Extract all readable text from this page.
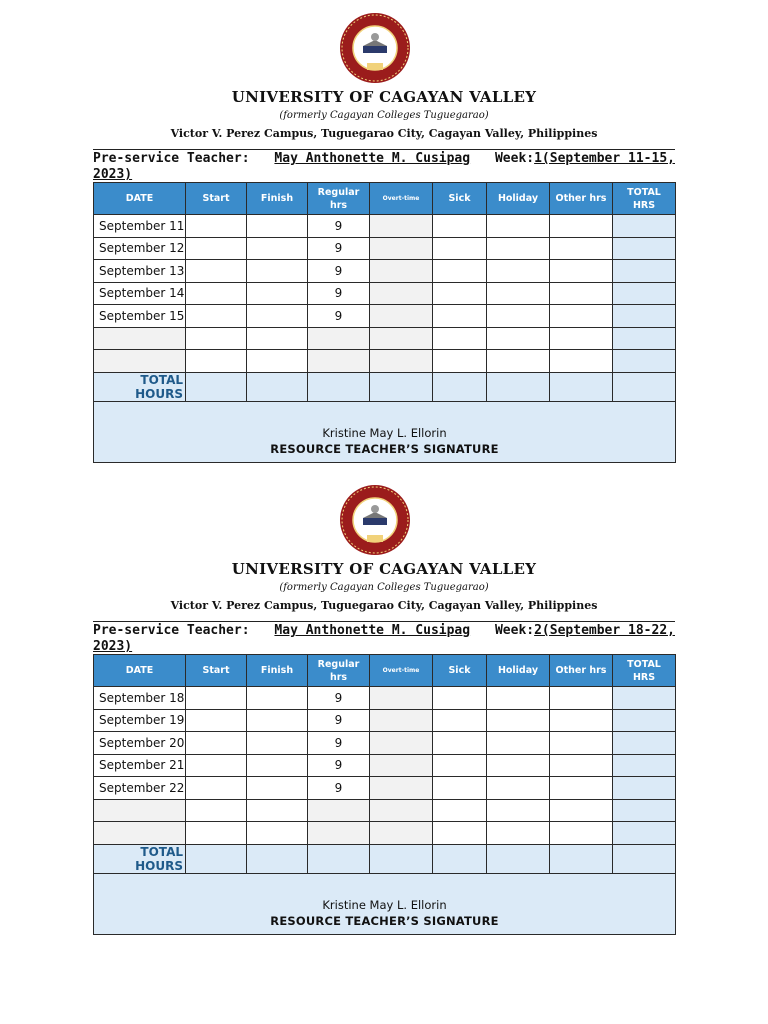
UNIVERSITY OF CAGAYAN VALLEY
(formerly Cagayan Colleges Tuguegarao)
Victor V. Perez Campus, Tuguegarao City, Cagayan Valley, Philippines
Pre-service Teacher: May Anthonette M. Cusipag Week:1(September 11-15,
2023)
DATE	Start	Finish	Regular hrs	Overt-time	Sick	Holiday	Other hrs	TOTAL HRS
September 11			9					
September 12			9					
September 13			9					
September 14			9					
September 15			9					

TOTAL HOURS								

Kristine May L. Ellorin
RESOURCE TEACHER’S SIGNATURE								
UNIVERSITY OF CAGAYAN VALLEY
(formerly Cagayan Colleges Tuguegarao)
Victor V. Perez Campus, Tuguegarao City, Cagayan Valley, Philippines
Pre-service Teacher: May Anthonette M. Cusipag Week:2(September 18-22,
2023)
DATE	Start	Finish	Regular hrs	Overt-time	Sick	Holiday	Other hrs	TOTAL HRS
September 18			9					
September 19			9					
September 20			9					
September 21			9					
September 22			9					

TOTAL HOURS								

Kristine May L. Ellorin
RESOURCE TEACHER’S SIGNATURE								
